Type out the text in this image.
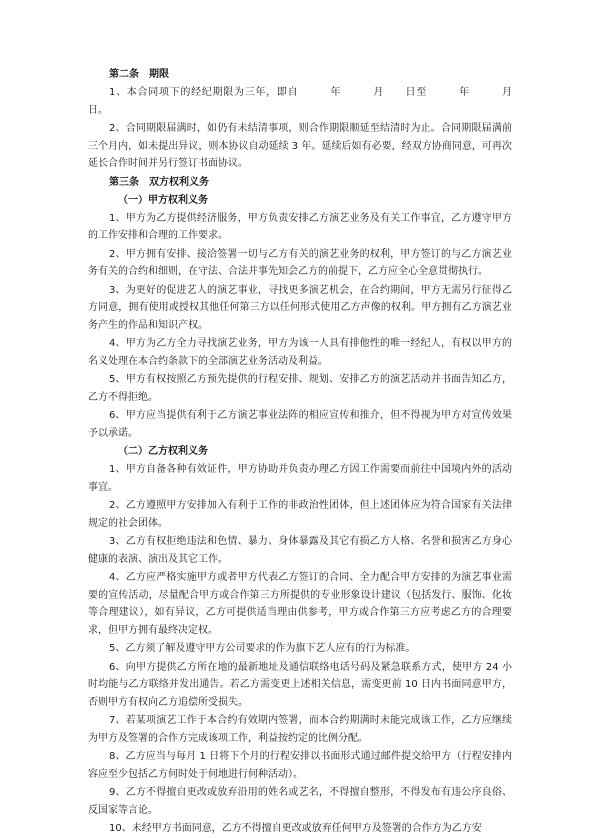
第二条　期限

1、本合同项下的经纪期限为三年，即自　　　年　　　月　　日至　　　年　　　月　　　日。

2、合同期限届满时，如仍有未结清事项，则合作期限顺延至结清时为止。合同期限届满前三个月内，如未提出异议，则本协议自动延续 3 年。延续后如有必要，经双方协商同意，可再次延长合作时间并另行签订书面协议。

第三条　双方权利义务
（一）甲方权利义务

1、甲方为乙方提供经济服务，甲方负责安排乙方演艺业务及有关工作事宜，乙方遵守甲方的工作安排和合理的工作要求。

2、甲方拥有安排、接洽签署一切与乙方有关的演艺业务的权利，甲方签订的与乙方演艺业务有关的合约和细则，在守法、合法并事先知会乙方的前提下，乙方应全心全意贯彻执行。

3、为更好的促进艺人的演艺事业，寻找更多演艺机会，在合约期间，甲方无需另行征得乙方同意，拥有使用或授权其他任何第三方以任何形式使用乙方声像的权利。甲方拥有乙方演艺业务产生的作品和知识产权。

4、甲方为乙方全力寻找演艺业务，甲方为该一人具有排他性的唯一经纪人，有权以甲方的名义处理在本合约条款下的全部演艺业务活动及利益。

5、甲方有权按照乙方预先提供的行程安排、规划、安排乙方的演艺活动并书面告知乙方，乙方不得拒绝。

6、甲方应当提供有利于乙方演艺事业法阵的相应宣传和推介，但不得视为甲方对宣传效果予以承诺。

（二）乙方权利义务

1、甲方自备各种有效证件，甲方协助并负责办理乙方因工作需要而前往中国境内外的活动事宜。

2、乙方遵照甲方安排加入有利于工作的非政治性团体，但上述团体应为符合国家有关法律规定的社会团体。

3、乙方有权拒绝违法和色情、暴力、身体暴露及其它有损乙方人格、名誉和损害乙方身心健康的表演、演出及其它工作。

4、乙方应严格实施甲方或者甲方代表乙方签订的合同、全力配合甲方安排的为演艺事业需要的宣传活动，尽量配合甲方或合作第三方所提供的专业形象设计建议（包括发行、服饰、化妆等合理建议），如有异议，乙方可提供适当理由供参考，甲方或合作第三方应考虑乙方的合理要求，但甲方拥有最终决定权。

5、乙方须了解及遵守甲方公司要求的作为旗下艺人应有的行为标准。

6、向甲方提供乙方所在地的最新地址及通信联络电话号码及紧急联系方式，使甲方 24 小时均能与乙方联络并发出通告。若乙方需变更上述相关信息，需变更前 10 日内书面同意甲方，否则甲方有权向乙方追偿所受损失。

7、若某项演艺工作于本合约有效期内签署，而本合约期满时未能完成该工作，乙方应继续为甲方及签署的合作方完成该项工作，利益按约定的比例分配。

8、乙方应当与每月 1 日将下个月的行程安排以书面形式通过邮件提交给甲方（行程安排内容应至少包括乙方何时处于何地进行何种活动）。

9、乙方不得擅自更改或放弃沿用的姓名或艺名，不得擅自整形，不得发布有违公序良俗、反国家等言论。

10、未经甲方书面同意，乙方不得擅自更改或放弃任何甲方及签署的合作方为乙方安
